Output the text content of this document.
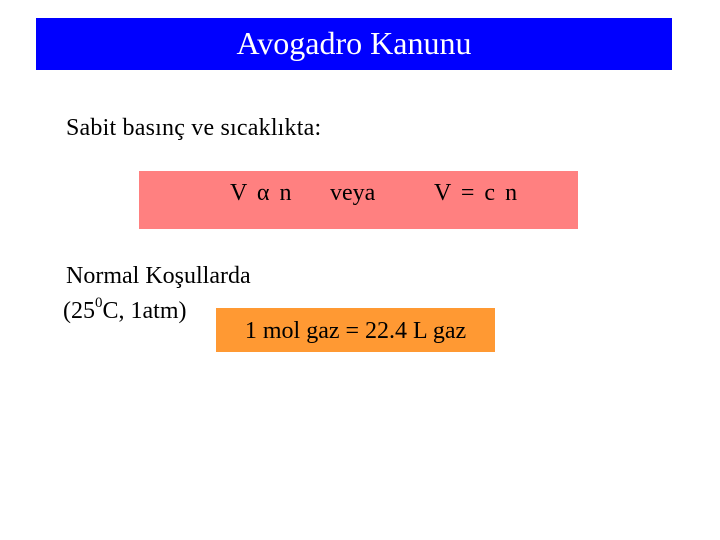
Avogadro Kanunu
Sabit basınç ve sıcaklıkta:
V α n veya V = c n
Normal Koşullarda
($25^0C$, 1atm)
1 mol gaz = 22.4 L gaz
